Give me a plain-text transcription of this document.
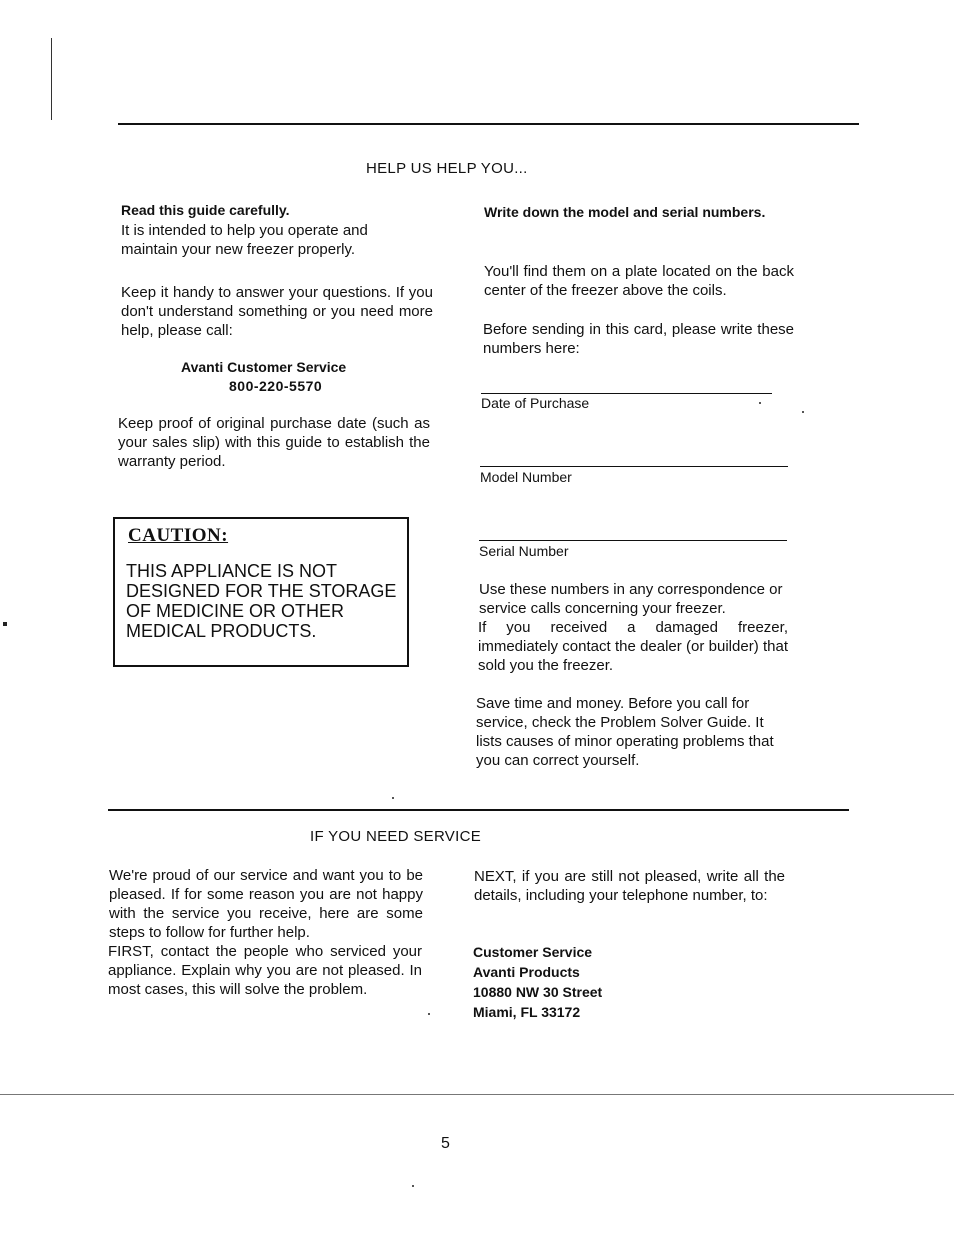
HELP US HELP YOU...
Read this guide carefully.
It is intended to help you operate and maintain your new freezer properly.
Keep it handy to answer your questions. If you don't understand something or you need more help, please call:
Avanti Customer Service
800-220-5570
Keep proof of original purchase date (such as your sales slip) with this guide to establish the warranty period.
CAUTION:
THIS APPLIANCE IS NOT DESIGNED FOR THE STORAGE OF MEDICINE OR OTHER MEDICAL PRODUCTS.
Write down the model and serial numbers.
You'll find them on a plate located on the back center of the freezer above the coils.
Before sending in this card, please write these numbers here:
Date of Purchase
Model Number
Serial Number
Use these numbers in any correspondence or service calls concerning your freezer.
If you received a damaged freezer, immediately contact the dealer (or builder) that sold you the freezer.
Save time and money. Before you call for service, check the Problem Solver Guide. It lists causes of minor operating problems that you can correct yourself.
IF YOU NEED SERVICE
We're proud of our service and want you to be pleased. If for some reason you are not happy with the service you receive, here are some steps to follow for further help.
FIRST, contact the people who serviced your appliance. Explain why you are not pleased. In most cases, this will solve the problem.
NEXT, if you are still not pleased, write all the details, including your telephone number, to:
Customer Service
Avanti Products
10880 NW 30 Street
Miami, FL 33172
5
